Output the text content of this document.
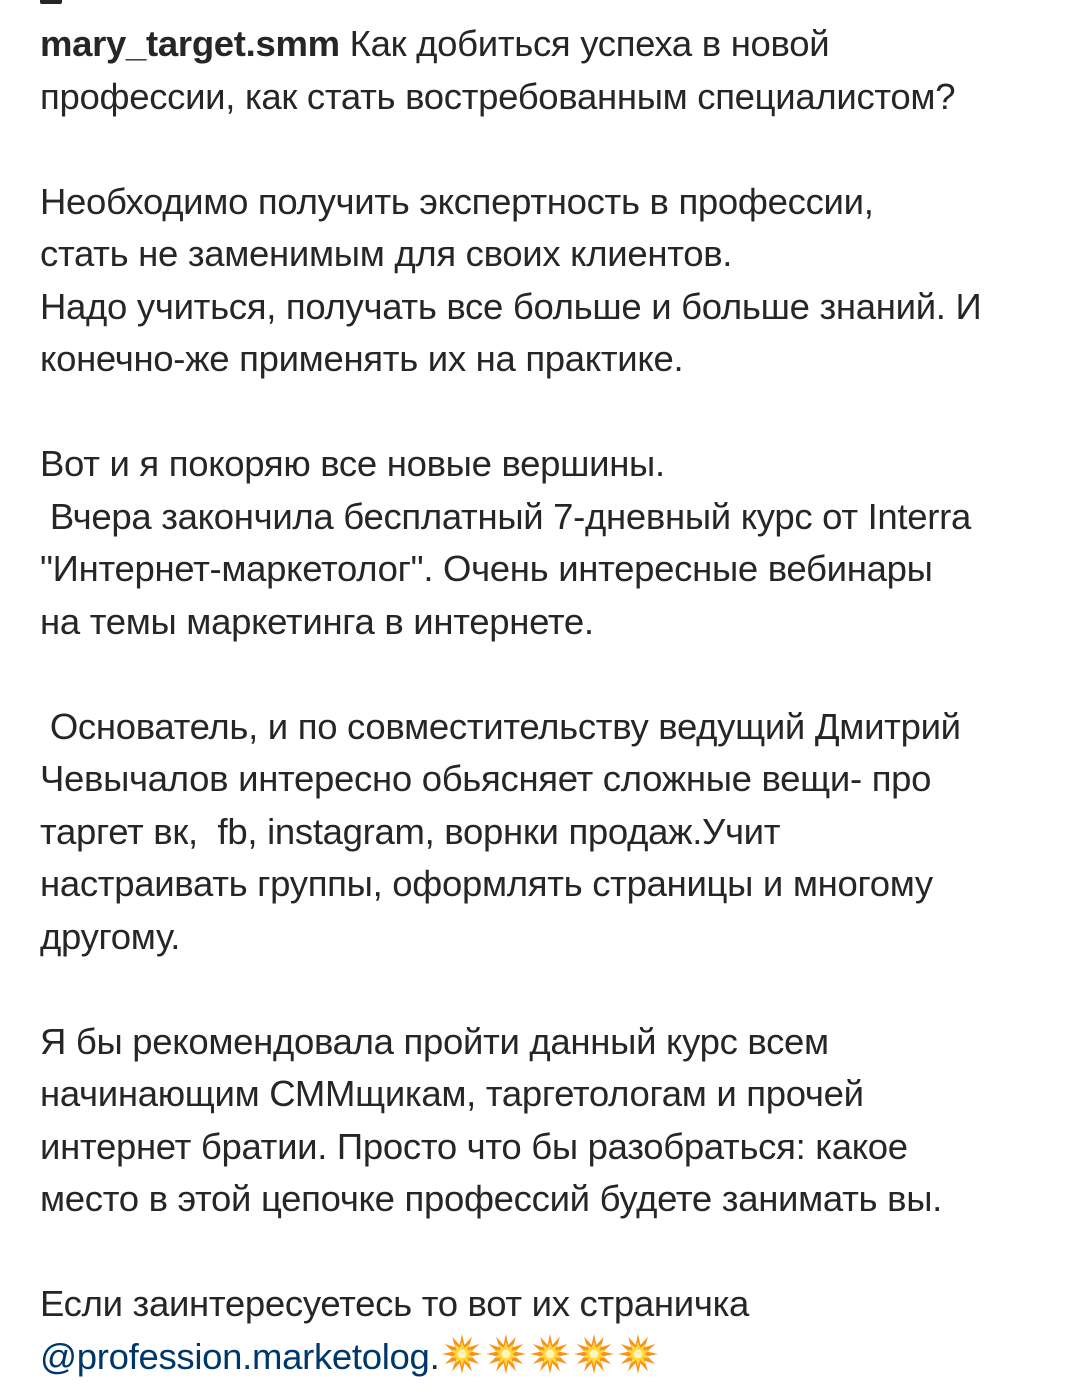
mary_target.smm Как добиться успеха в новой
профессии, как стать востребованным специалистом?
Необходимо получить экспертность в профессии,
стать не заменимым для своих клиентов.
Надо учиться, получать все больше и больше знаний. И
конечно-же применять их на практике.
Вот и я покоряю все новые вершины.
Вчера закончила бесплатный 7-дневный курс от Interra
"Интернет-маркетолог". Очень интересные вебинары
на темы маркетинга в интернете.
Основатель, и по совместительству ведущий Дмитрий
Чевычалов интересно обьясняет сложные вещи- про
таргет вк,  fb, instagram, ворнки продаж.Учит
настраивать группы, оформлять страницы и многому
другому.
Я бы рекомендовала пройти данный курс всем
начинающим СММщикам, таргетологам и прочей
интернет братии. Просто что бы разобраться: какое
место в этой цепочке профессий будете занимать вы.
Если заинтересуетесь то вот их страничка
@profession.marketolog.
